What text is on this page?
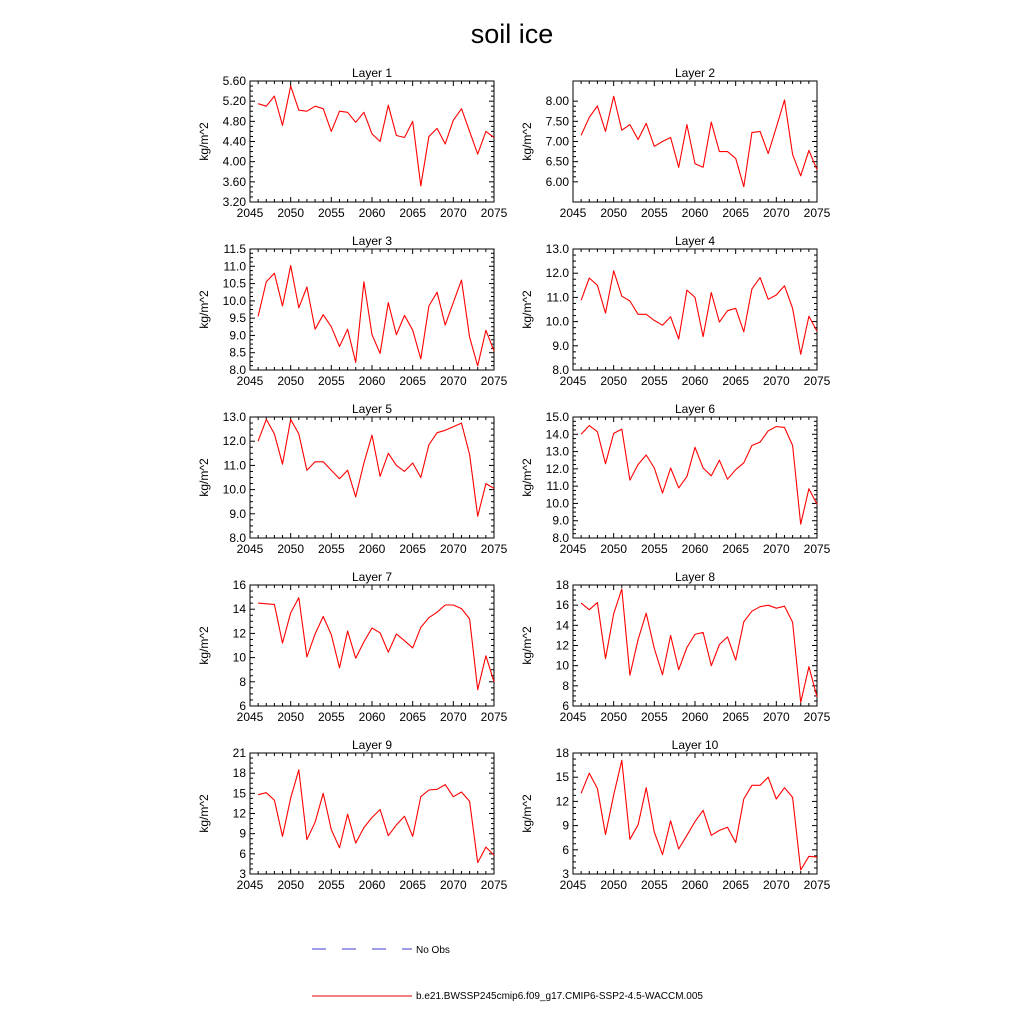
soil ice
Layer 1
kg/m^2
2045 2050 2055 2060 2065 2070 2075
3.20
3.60
4.00
4.40
4.80
5.20
5.60
Layer 2
kg/m^2
2045 2050 2055 2060 2065 2070 2075
6.00
6.50
7.00
7.50
8.00
Layer 3
kg/m^2
2045 2050 2055 2060 2065 2070 2075
8.0
8.5
9.0
9.5
10.0
10.5
11.0
11.5
Layer 4
kg/m^2
2045 2050 2055 2060 2065 2070 2075
8.0
9.0
10.0
11.0
12.0
13.0
Layer 5
kg/m^2
2045 2050 2055 2060 2065 2070 2075
8.0
9.0
10.0
11.0
12.0
13.0
Layer 6
kg/m^2
2045 2050 2055 2060 2065 2070 2075
8.0
9.0
10.0
11.0
12.0
13.0
14.0
15.0
Layer 7
kg/m^2
2045 2050 2055 2060 2065 2070 2075
6
8
10
12
14
16
Layer 8
kg/m^2
2045 2050 2055 2060 2065 2070 2075
6
8
10
12
14
16
18
Layer 9
kg/m^2
2045 2050 2055 2060 2065 2070 2075
3
6
9
12
15
18
21
Layer 10
kg/m^2
2045 2050 2055 2060 2065 2070 2075
3
6
9
12
15
18
No Obs
b.e21.BWSSP245cmip6.f09_g17.CMIP6-SSP2-4.5-WACCM.005
